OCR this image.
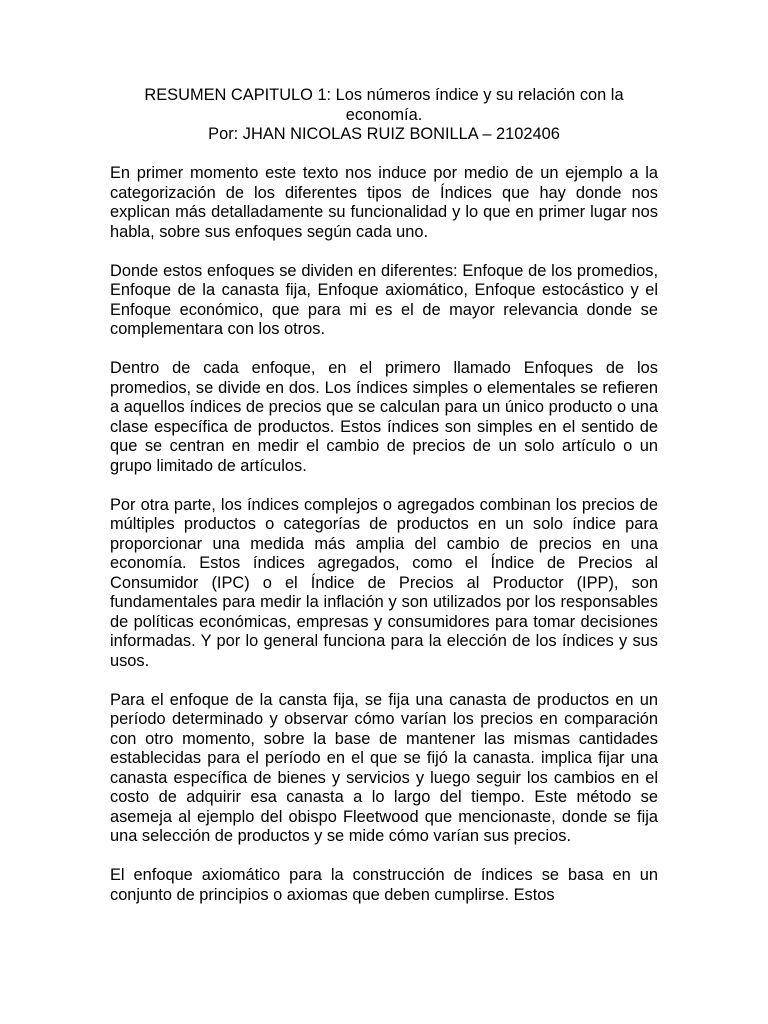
RESUMEN CAPITULO 1: Los números índice y su relación con la economía.

Por: JHAN NICOLAS RUIZ BONILLA – 2102406

En primer momento este texto nos induce por medio de un ejemplo a la categorización de los diferentes tipos de Índices que hay donde nos explican más detalladamente su funcionalidad y lo que en primer lugar nos habla, sobre sus enfoques según cada uno.

Donde estos enfoques se dividen en diferentes: Enfoque de los promedios, Enfoque de la canasta fija, Enfoque axiomático, Enfoque estocástico y el Enfoque económico, que para mi es el de mayor relevancia donde se complementara con los otros.

Dentro de cada enfoque, en el primero llamado Enfoques de los promedios, se divide en dos. Los índices simples o elementales se refieren a aquellos índices de precios que se calculan para un único producto o una clase específica de productos. Estos índices son simples en el sentido de que se centran en medir el cambio de precios de un solo artículo o un grupo limitado de artículos.

Por otra parte, los índices complejos o agregados combinan los precios de múltiples productos o categorías de productos en un solo índice para proporcionar una medida más amplia del cambio de precios en una economía. Estos índices agregados, como el Índice de Precios al Consumidor (IPC) o el Índice de Precios al Productor (IPP), son fundamentales para medir la inflación y son utilizados por los responsables de políticas económicas, empresas y consumidores para tomar decisiones informadas. Y por lo general funciona para la elección de los índices y sus usos.

Para el enfoque de la cansta fija, se fija una canasta de productos en un período determinado y observar cómo varían los precios en comparación con otro momento, sobre la base de mantener las mismas cantidades establecidas para el período en el que se fijó la canasta. implica fijar una canasta específica de bienes y servicios y luego seguir los cambios en el costo de adquirir esa canasta a lo largo del tiempo. Este método se asemeja al ejemplo del obispo Fleetwood que mencionaste, donde se fija una selección de productos y se mide cómo varían sus precios.

El enfoque axiomático para la construcción de índices se basa en un conjunto de principios o axiomas que deben cumplirse. Estos
